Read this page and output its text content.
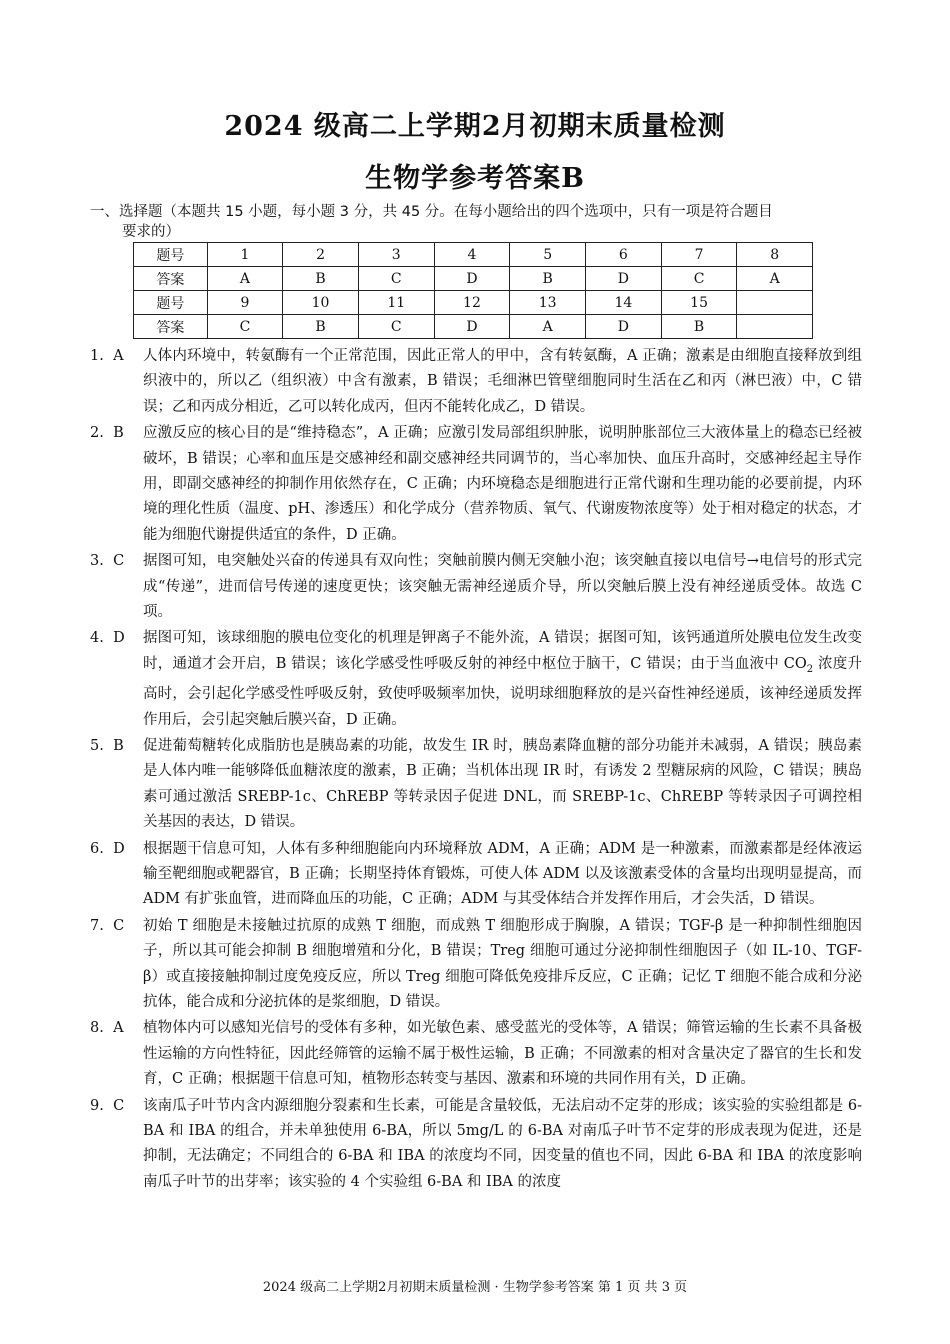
2024 级高二上学期2月初期末质量检测
生物学参考答案B
一、选择题（本题共 15 小题，每小题 3 分，共 45 分。在每小题给出的四个选项中，只有一项是符合题目
要求的）
题号	1	2	3	4	5	6	7	8
答案	A	B	C	D	B	D	C	A
题号	9	10	11	12	13	14	15	
答案	C	B	C	D	A	D	B	
1. A	人体内环境中，转氨酶有一个正常范围，因此正常人的甲中，含有转氨酶，A 正确；激素是由细胞直接释放到组织液中的，所以乙（组织液）中含有激素，B 错误；毛细淋巴管壁细胞同时生活在乙和丙（淋巴液）中，C 错误；乙和丙成分相近，乙可以转化成丙，但丙不能转化成乙，D 错误。
2. B	应激反应的核心目的是“维持稳态”，A 正确；应激引发局部组织肿胀，说明肿胀部位三大液体量上的稳态已经被破坏，B 错误；心率和血压是交感神经和副交感神经共同调节的，当心率加快、血压升高时，交感神经起主导作用，即副交感神经的抑制作用依然存在，C 正确；内环境稳态是细胞进行正常代谢和生理功能的必要前提，内环境的理化性质（温度、pH、渗透压）和化学成分（营养物质、氧气、代谢废物浓度等）处于相对稳定的状态，才能为细胞代谢提供适宜的条件，D 正确。
3. C	据图可知，电突触处兴奋的传递具有双向性；突触前膜内侧无突触小泡；该突触直接以电信号→电信号的形式完成“传递”，进而信号传递的速度更快；该突触无需神经递质介导，所以突触后膜上没有神经递质受体。故选 C 项。
4. D	据图可知，该球细胞的膜电位变化的机理是钾离子不能外流，A 错误；据图可知，该钙通道所处膜电位发生改变时，通道才会开启，B 错误；该化学感受性呼吸反射的神经中枢位于脑干，C 错误；由于当血液中 $CO_2$ 浓度升高时，会引起化学感受性呼吸反射，致使呼吸频率加快，说明球细胞释放的是兴奋性神经递质，该神经递质发挥作用后，会引起突触后膜兴奋，D 正确。
5. B	促进葡萄糖转化成脂肪也是胰岛素的功能，故发生 IR 时，胰岛素降血糖的部分功能并未减弱，A 错误；胰岛素是人体内唯一能够降低血糖浓度的激素，B 正确；当机体出现 IR 时，有诱发 2 型糖尿病的风险，C 错误；胰岛素可通过激活 SREBP-1c、ChREBP 等转录因子促进 DNL，而 SREBP-1c、ChREBP 等转录因子可调控相关基因的表达，D 错误。
6. D	根据题干信息可知，人体有多种细胞能向内环境释放 ADM，A 正确；ADM 是一种激素，而激素都是经体液运输至靶细胞或靶器官，B 正确；长期坚持体育锻炼，可使人体 ADM 以及该激素受体的含量均出现明显提高，而 ADM 有扩张血管，进而降血压的功能，C 正确；ADM 与其受体结合并发挥作用后，才会失活，D 错误。
7. C	初始 T 细胞是未接触过抗原的成熟 T 细胞，而成熟 T 细胞形成于胸腺，A 错误；TGF-β 是一种抑制性细胞因子，所以其可能会抑制 B 细胞增殖和分化，B 错误；Treg 细胞可通过分泌抑制性细胞因子（如 IL-10、TGF-β）或直接接触抑制过度免疫反应，所以 Treg 细胞可降低免疫排斥反应，C 正确；记忆 T 细胞不能合成和分泌抗体，能合成和分泌抗体的是浆细胞，D 错误。
8. A	植物体内可以感知光信号的受体有多种，如光敏色素、感受蓝光的受体等，A 错误；筛管运输的生长素不具备极性运输的方向性特征，因此经筛管的运输不属于极性运输，B 正确；不同激素的相对含量决定了器官的生长和发育，C 正确；根据题干信息可知，植物形态转变与基因、激素和环境的共同作用有关，D 正确。
9. C	该南瓜子叶节内含内源细胞分裂素和生长素，可能是含量较低，无法启动不定芽的形成；该实验的实验组都是 6-BA 和 IBA 的组合，并未单独使用 6-BA，所以 5mg/L 的 6-BA 对南瓜子叶节不定芽的形成表现为促进，还是抑制，无法确定；不同组合的 6-BA 和 IBA 的浓度均不同，因变量的值也不同，因此 6-BA 和 IBA 的浓度影响南瓜子叶节的出芽率；该实验的 4 个实验组 6-BA 和 IBA 的浓度
2024 级高二上学期2月初期末质量检测 · 生物学参考答案 第 1 页 共 3 页
